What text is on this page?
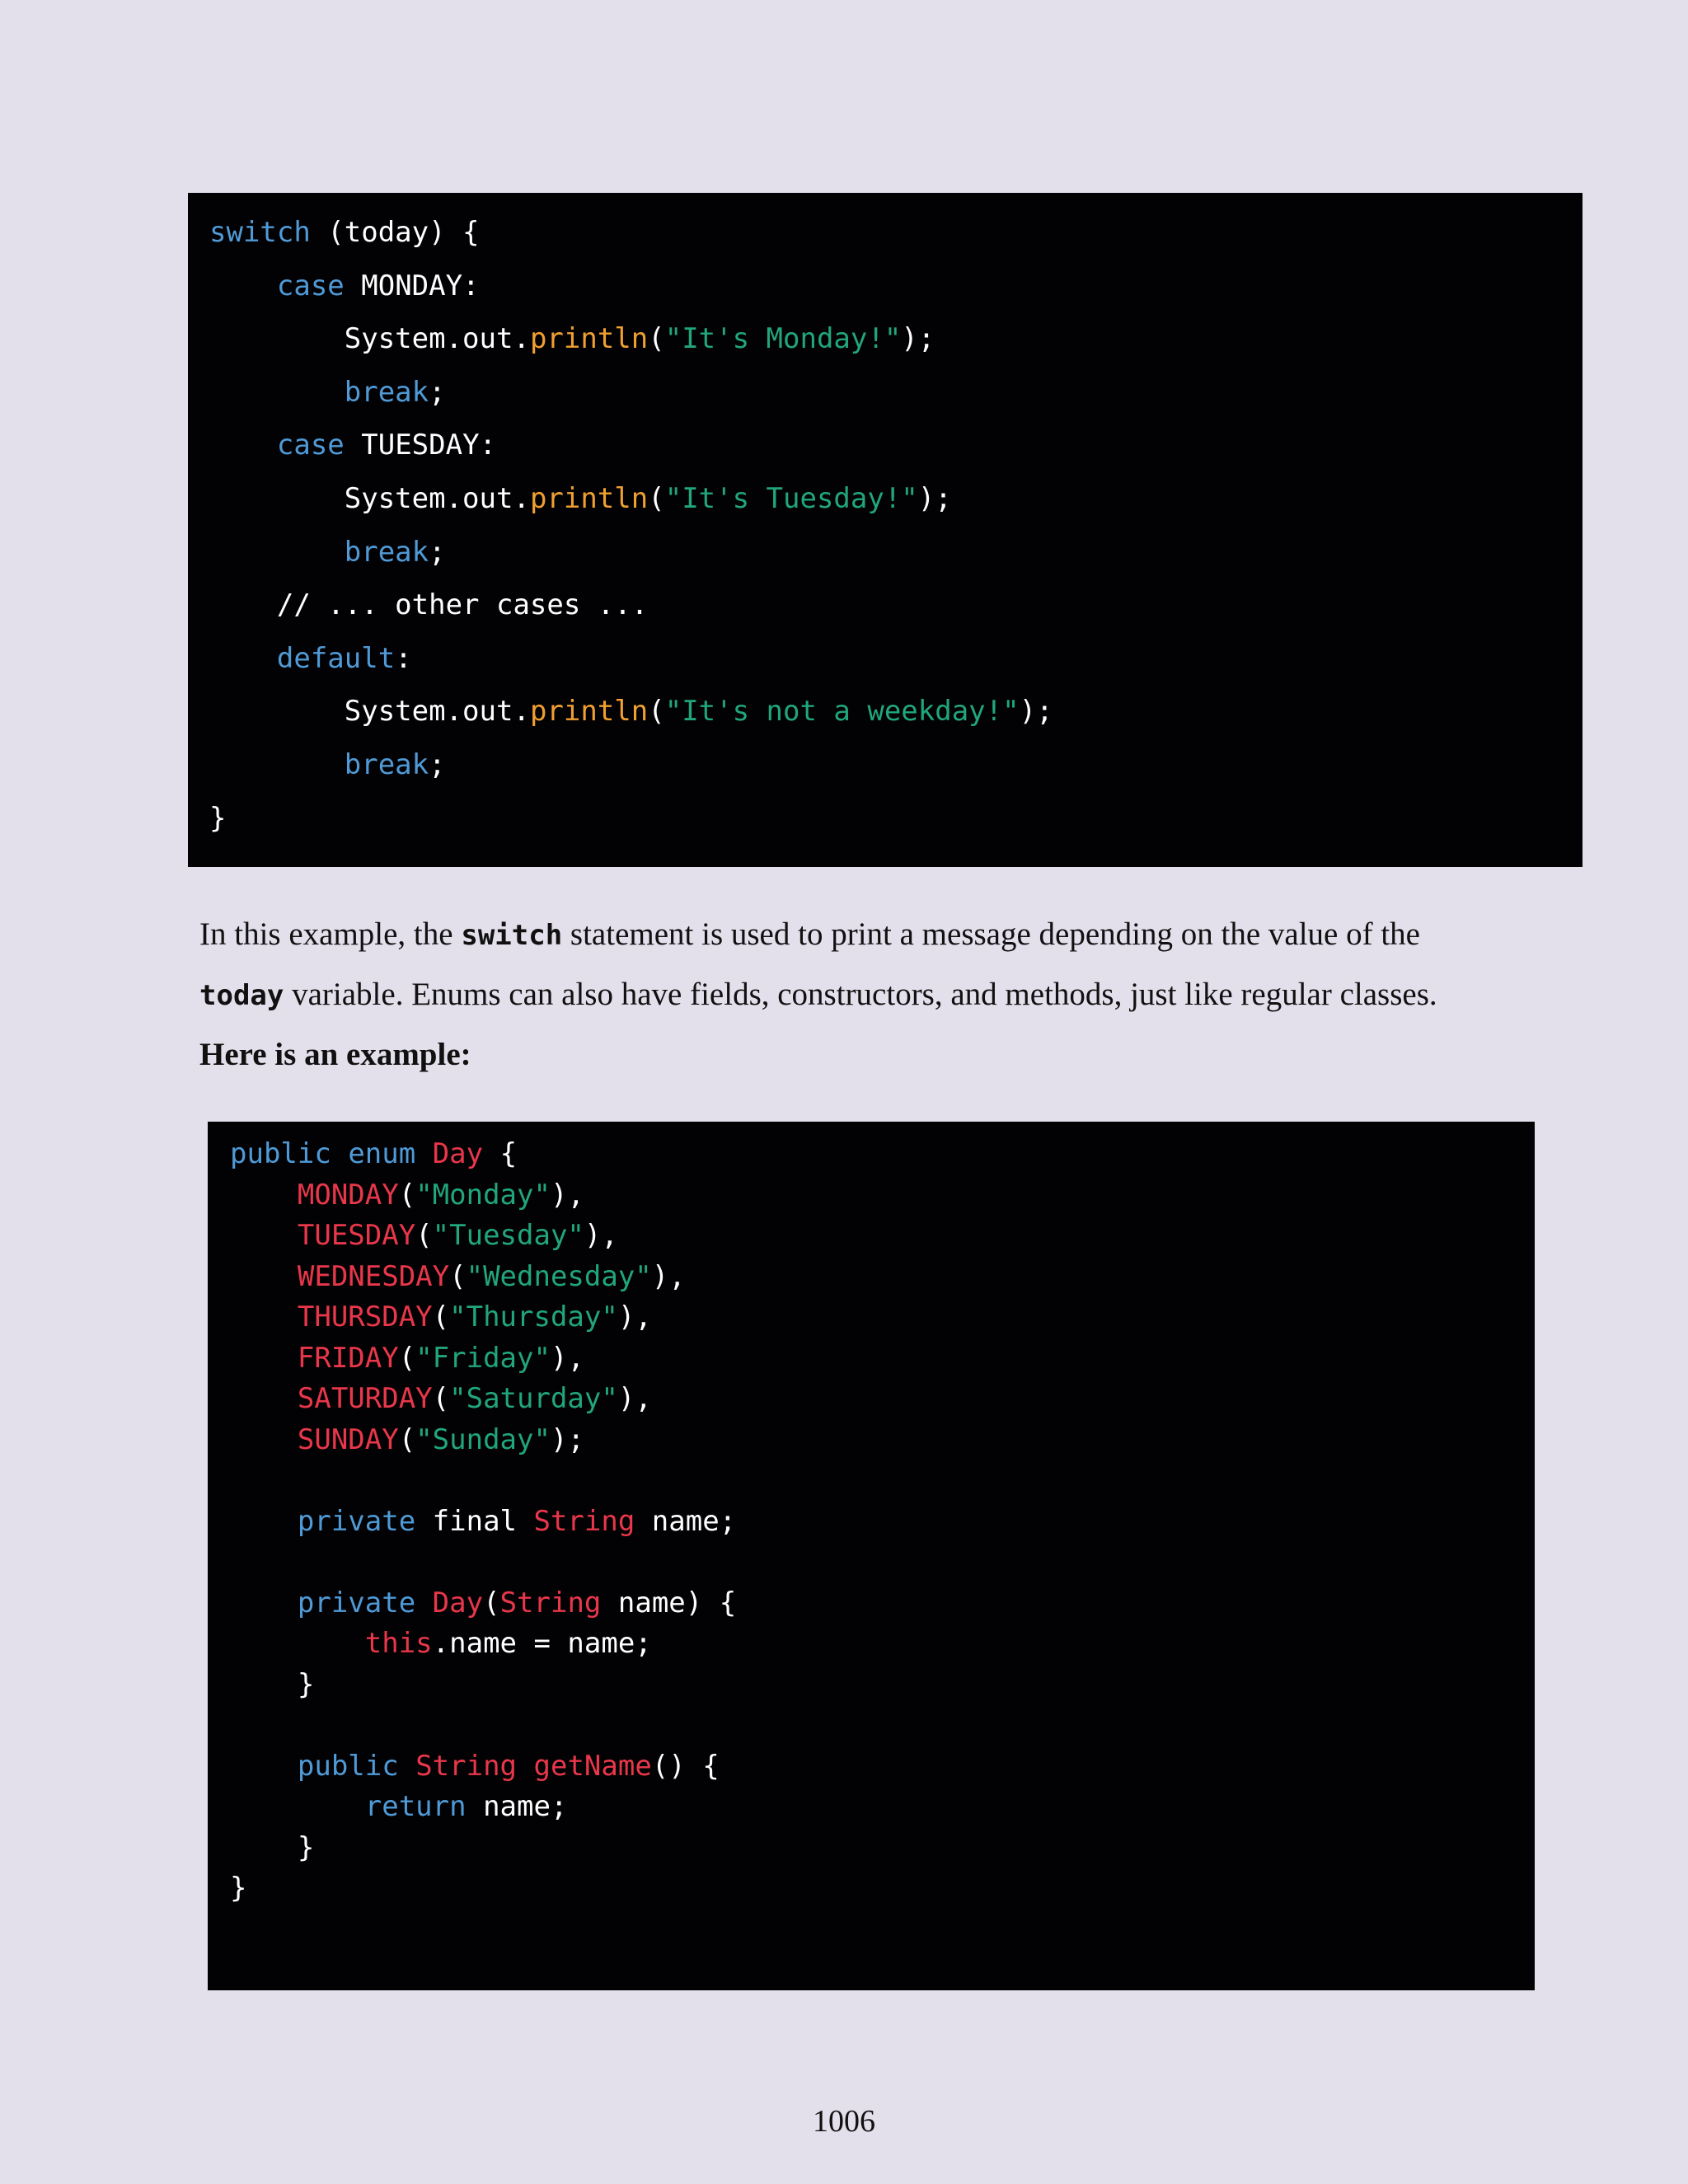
switch (today) {
case MONDAY:
System.out.println("It's Monday!");
break;
case TUESDAY:
System.out.println("It's Tuesday!");
break;
// ... other cases ...
default:
System.out.println("It's not a weekday!");
break;
}
In this example, the switch statement is used to print a message depending on the value of the
today variable. Enums can also have fields, constructors, and methods, just like regular classes.
Here is an example:
public enum Day {
MONDAY("Monday"),
TUESDAY("Tuesday"),
WEDNESDAY("Wednesday"),
THURSDAY("Thursday"),
FRIDAY("Friday"),
SATURDAY("Saturday"),
SUNDAY("Sunday");
private final String name;
private Day(String name) {
this.name = name;
}
public String getName() {
return name;
}
}
1006
